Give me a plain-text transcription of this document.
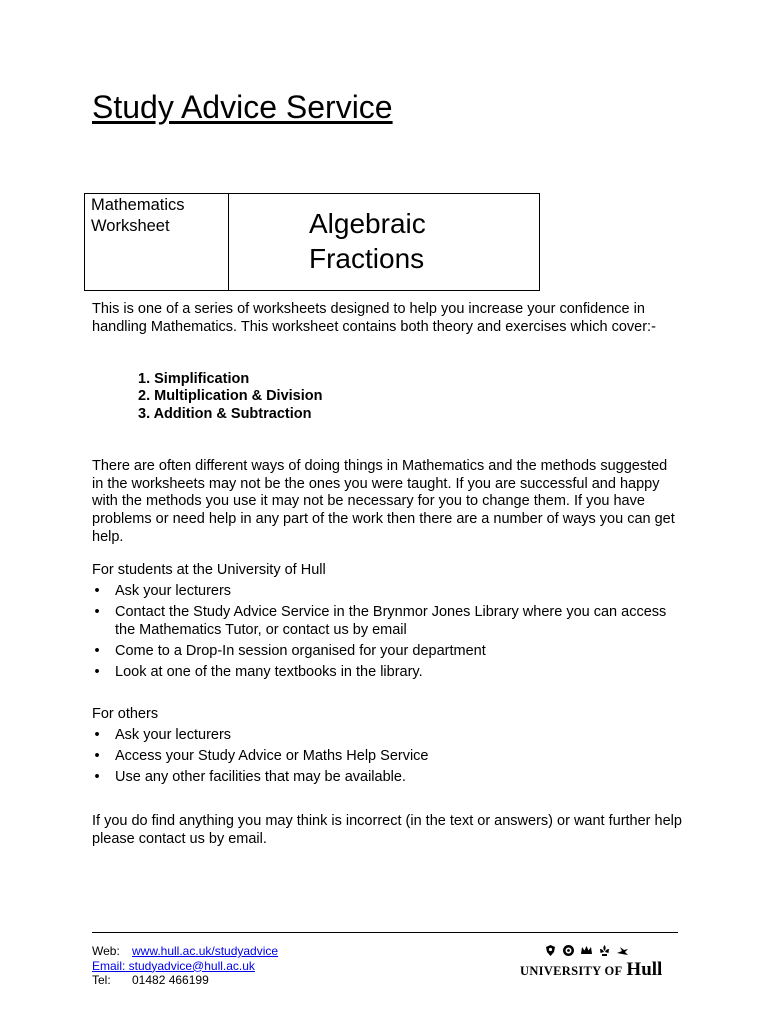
Study Advice Service
Mathematics
Worksheet	Algebraic
Fractions

This is one of a series of worksheets designed to help you increase your confidence in handling Mathematics. This worksheet contains both theory and exercises which cover:-

1. Simplification
2. Multiplication & Division
3. Addition & Subtraction

There are often different ways of doing things in Mathematics and the methods suggested in the worksheets may not be the ones you were taught. If you are successful and happy with the methods you use it may not be necessary for you to change them. If you have problems or need help in any part of the work then there are a number of ways you can get help.

For students at the University of Hull

• Ask your lecturers
• Contact the Study Advice Service in the Brynmor Jones Library where you can access the Mathematics Tutor, or contact us by email
• Come to a Drop-In session organised for your department
• Look at one of the many textbooks in the library.

For others

• Ask your lecturers
• Access your Study Advice or Maths Help Service
• Use any other facilities that may be available.

If you do find anything you may think is incorrect (in the text or answers) or want further help please contact us by email.

Web: www.hull.ac.uk/studyadvice
Email: studyadvice@hull.ac.uk
Tel: 01482 466199
UNIVERSITY OF Hull
